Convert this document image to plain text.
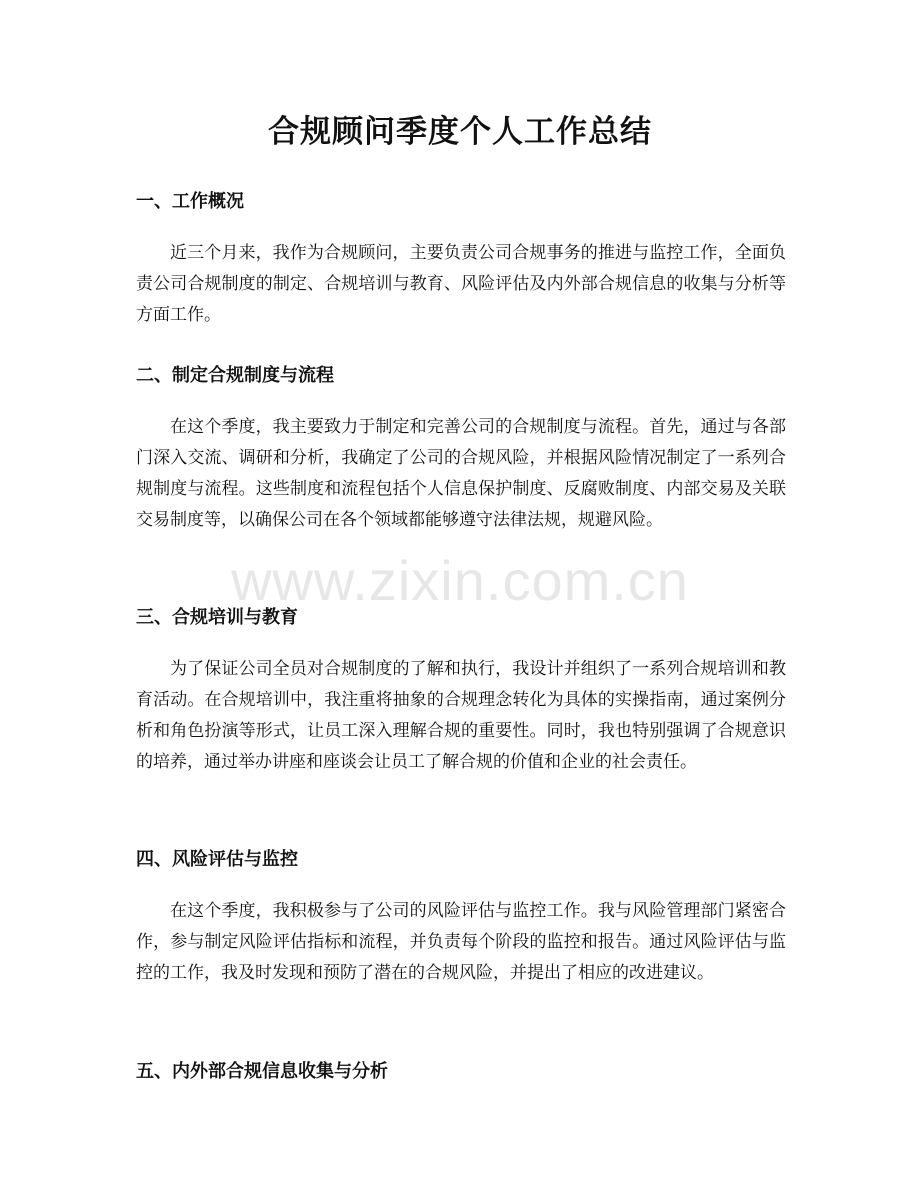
合规顾问季度个人工作总结
一、工作概况

近三个月来，我作为合规顾问，主要负责公司合规事务的推进与监控工作，全面负责公司合规制度的制定、合规培训与教育、风险评估及内外部合规信息的收集与分析等方面工作。

二、制定合规制度与流程

在这个季度，我主要致力于制定和完善公司的合规制度与流程。首先，通过与各部门深入交流、调研和分析，我确定了公司的合规风险，并根据风险情况制定了一系列合规制度与流程。这些制度和流程包括个人信息保护制度、反腐败制度、内部交易及关联交易制度等，以确保公司在各个领域都能够遵守法律法规，规避风险。

三、合规培训与教育

为了保证公司全员对合规制度的了解和执行，我设计并组织了一系列合规培训和教育活动。在合规培训中，我注重将抽象的合规理念转化为具体的实操指南，通过案例分析和角色扮演等形式，让员工深入理解合规的重要性。同时，我也特别强调了合规意识的培养，通过举办讲座和座谈会让员工了解合规的价值和企业的社会责任。

四、风险评估与监控

在这个季度，我积极参与了公司的风险评估与监控工作。我与风险管理部门紧密合作，参与制定风险评估指标和流程，并负责每个阶段的监控和报告。通过风险评估与监控的工作，我及时发现和预防了潜在的合规风险，并提出了相应的改进建议。

五、内外部合规信息收集与分析
www.zixin.com.cn
